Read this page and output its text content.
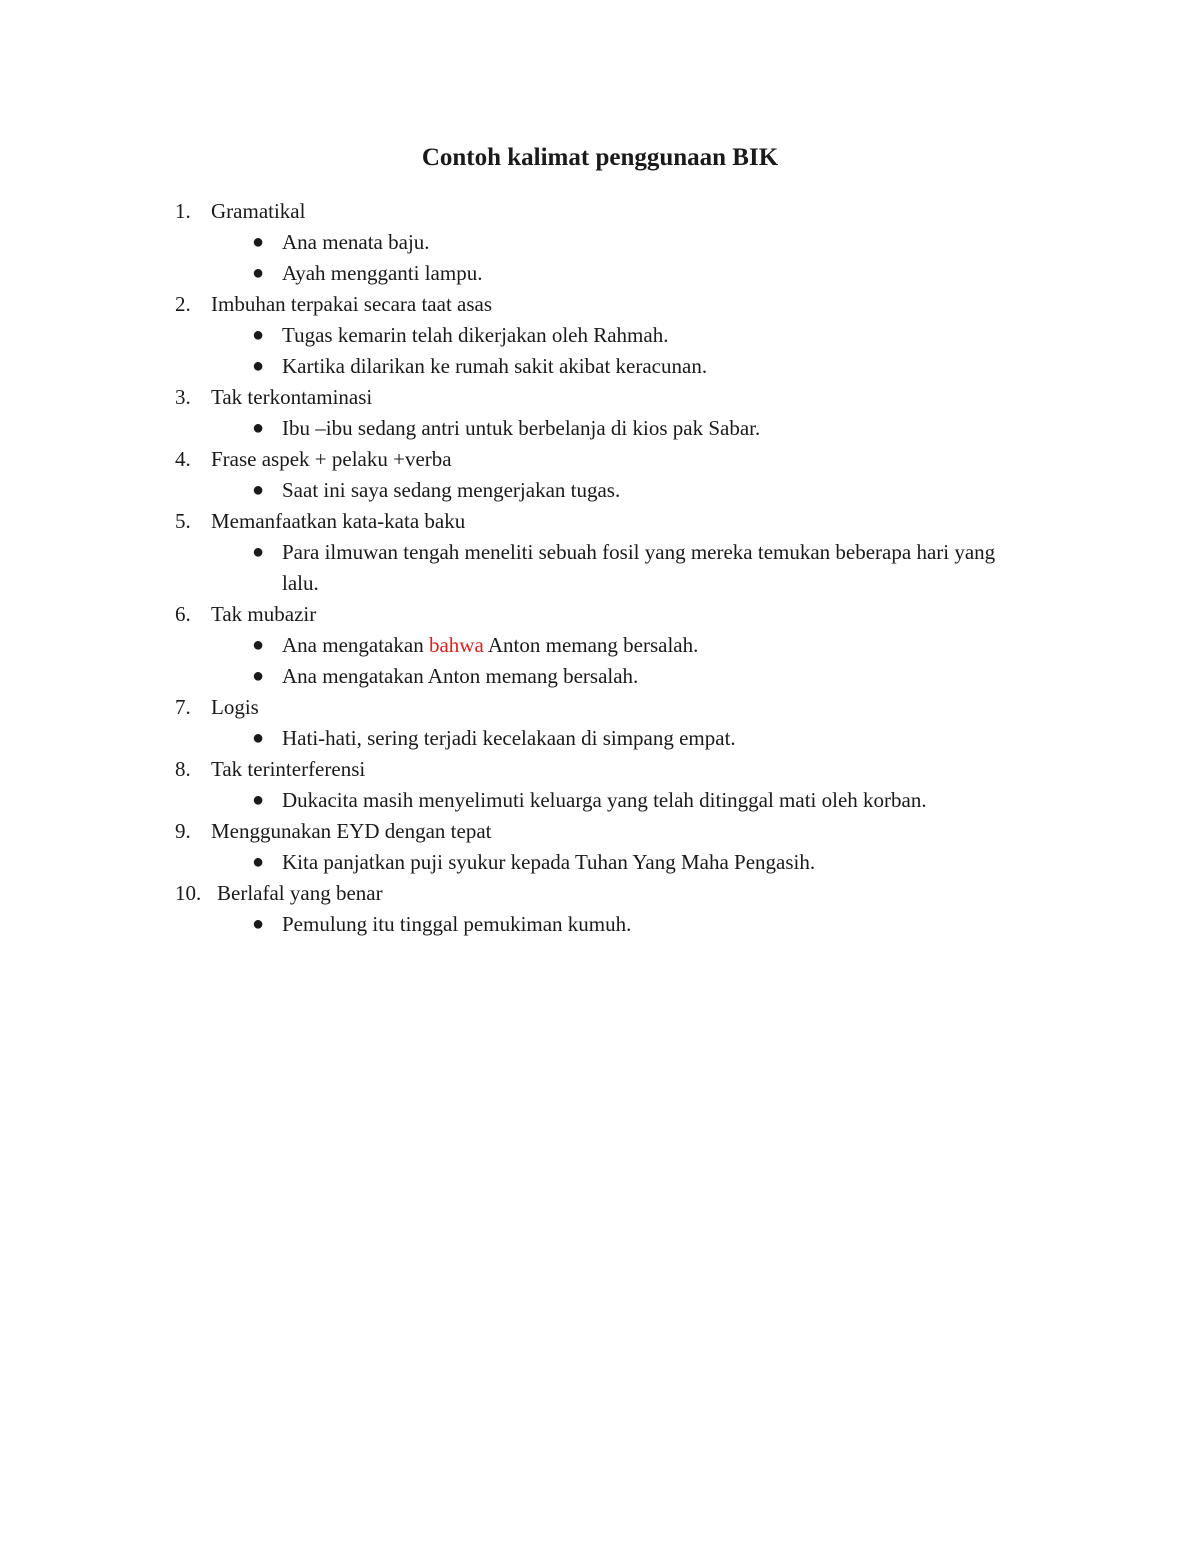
Contoh kalimat penggunaan BIK
1. Gramatikal
● Ana menata baju.
● Ayah mengganti lampu.
2. Imbuhan terpakai secara taat asas
● Tugas kemarin telah dikerjakan oleh Rahmah.
● Kartika dilarikan ke rumah sakit akibat keracunan.
3. Tak terkontaminasi
● Ibu –ibu sedang antri untuk berbelanja di kios pak Sabar.
4. Frase aspek + pelaku +verba
● Saat ini saya sedang mengerjakan tugas.
5. Memanfaatkan kata-kata baku
● Para ilmuwan tengah meneliti sebuah fosil yang mereka temukan beberapa hari yang lalu.
6. Tak mubazir
● Ana mengatakan bahwa Anton memang bersalah.
● Ana mengatakan Anton memang bersalah.
7. Logis
● Hati-hati, sering terjadi kecelakaan di simpang empat.
8. Tak terinterferensi
● Dukacita masih menyelimuti keluarga yang telah ditinggal mati oleh korban.
9. Menggunakan EYD dengan tepat
● Kita panjatkan puji syukur kepada Tuhan Yang Maha Pengasih.
10. Berlafal yang benar
● Pemulung itu tinggal pemukiman kumuh.
